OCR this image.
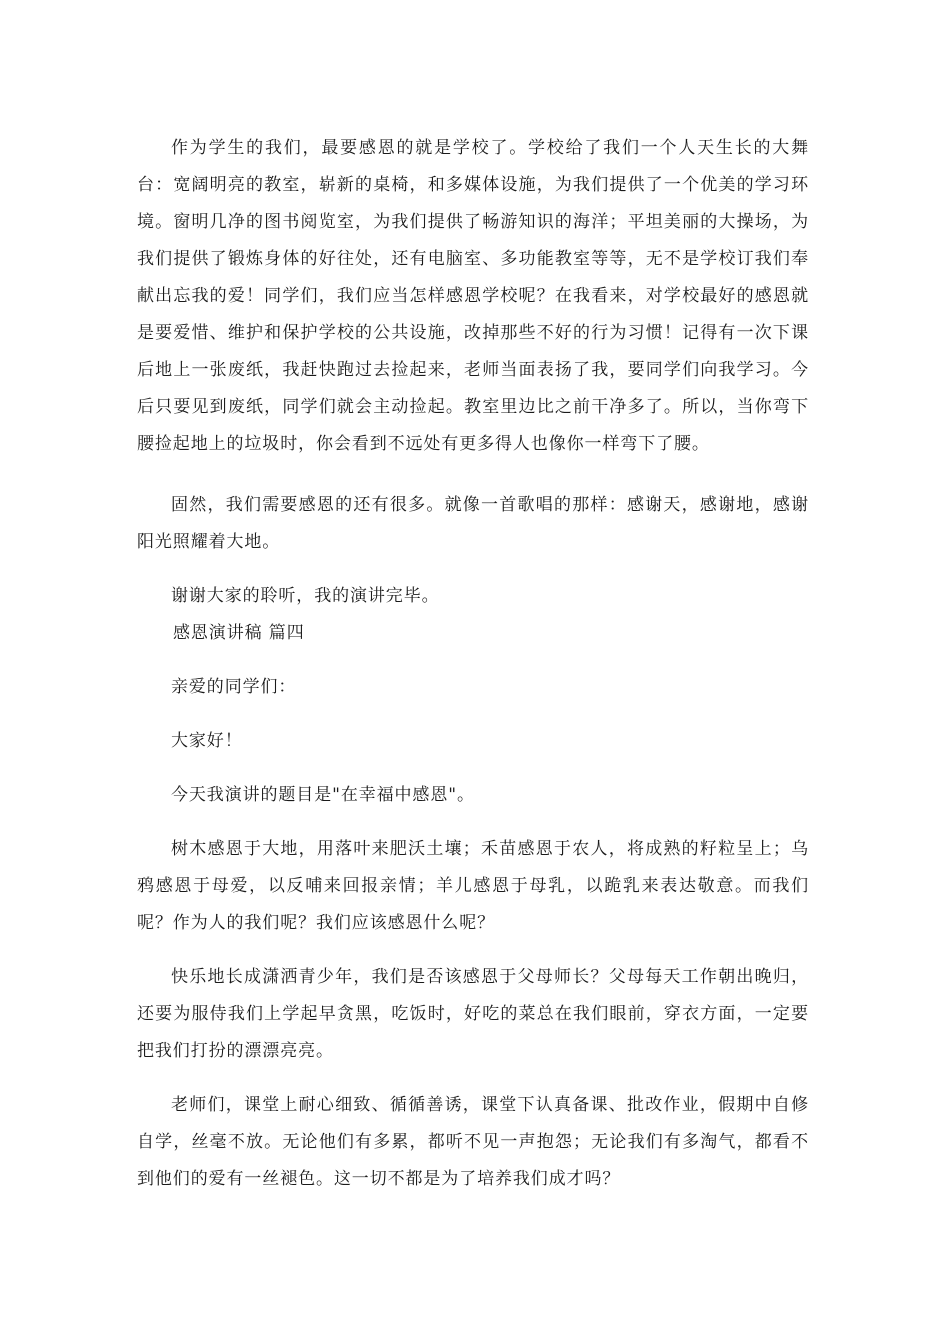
作为学生的我们，最要感恩的就是学校了。学校给了我们一个人天生长的大舞台：宽阔明亮的教室，崭新的桌椅，和多媒体设施，为我们提供了一个优美的学习环境。窗明几净的图书阅览室，为我们提供了畅游知识的海洋；平坦美丽的大操场，为我们提供了锻炼身体的好往处，还有电脑室、多功能教室等等，无不是学校订我们奉献出忘我的爱！同学们，我们应当怎样感恩学校呢？在我看来，对学校最好的感恩就是要爱惜、维护和保护学校的公共设施，改掉那些不好的行为习惯！记得有一次下课后地上一张废纸，我赶快跑过去捡起来，老师当面表扬了我，要同学们向我学习。今后只要见到废纸，同学们就会主动捡起。教室里边比之前干净多了。所以，当你弯下腰捡起地上的垃圾时，你会看到不远处有更多得人也像你一样弯下了腰。

固然，我们需要感恩的还有很多。就像一首歌唱的那样：感谢天，感谢地，感谢阳光照耀着大地。

谢谢大家的聆听，我的演讲完毕。

感恩演讲稿 篇四

亲爱的同学们：

大家好！

今天我演讲的题目是"在幸福中感恩"。

树木感恩于大地，用落叶来肥沃土壤；禾苗感恩于农人，将成熟的籽粒呈上；乌鸦感恩于母爱，以反哺来回报亲情；羊儿感恩于母乳，以跪乳来表达敬意。而我们呢？作为人的我们呢？我们应该感恩什么呢？

快乐地长成潇洒青少年，我们是否该感恩于父母师长？父母每天工作朝出晚归，还要为服侍我们上学起早贪黑，吃饭时，好吃的菜总在我们眼前，穿衣方面，一定要把我们打扮的漂漂亮亮。

老师们，课堂上耐心细致、循循善诱，课堂下认真备课、批改作业，假期中自修自学，丝毫不放。无论他们有多累，都听不见一声抱怨；无论我们有多淘气，都看不到他们的爱有一丝褪色。这一切不都是为了培养我们成才吗？
